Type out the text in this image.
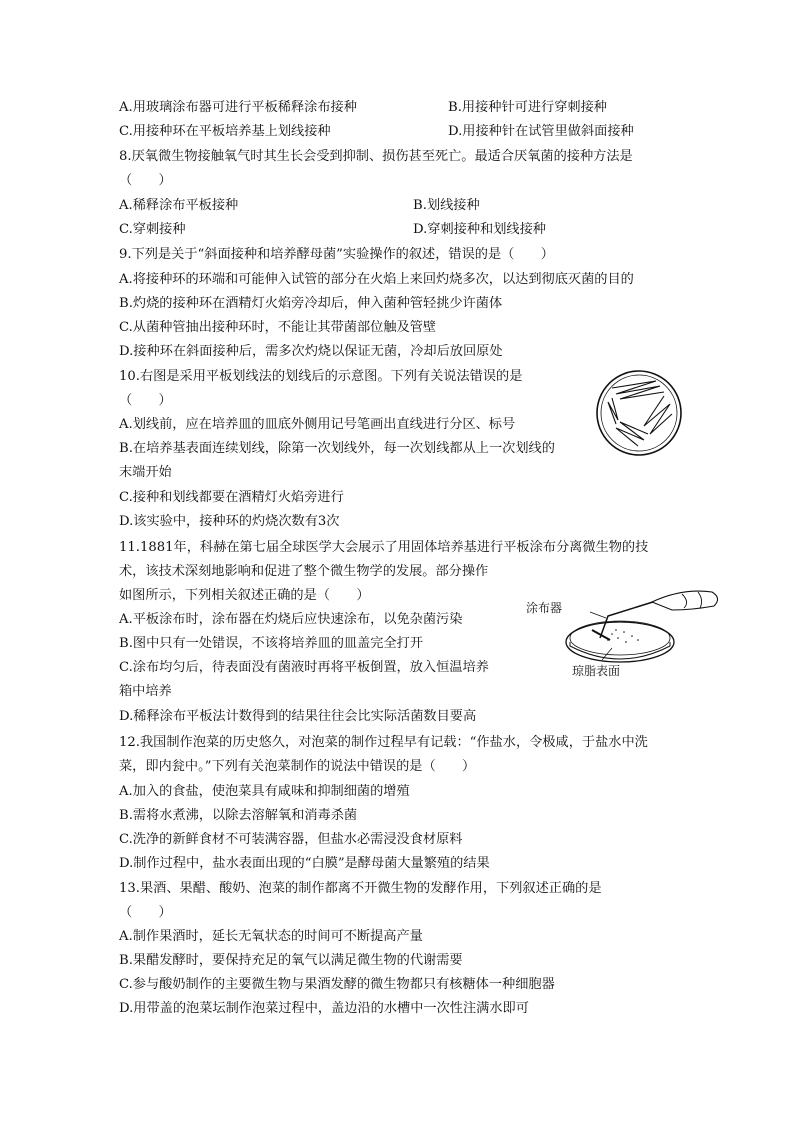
A.用玻璃涂布器可进行平板稀释涂布接种	B.用接种针可进行穿刺接种
C.用接种环在平板培养基上划线接种	D.用接种针在试管里做斜面接种
8.厌氧微生物接触氧气时其生长会受到抑制、损伤甚至死亡。最适合厌氧菌的接种方法是
（　　）
A.稀释涂布平板接种	B.划线接种
C.穿刺接种	D.穿刺接种和划线接种
9.下列是关于“斜面接种和培养酵母菌”实验操作的叙述，错误的是（　　）
A.将接种环的环端和可能伸入试管的部分在火焰上来回灼烧多次，以达到彻底灭菌的目的
B.灼烧的接种环在酒精灯火焰旁冷却后，伸入菌种管轻挑少许菌体
C.从菌种管抽出接种环时，不能让其带菌部位触及管壁
D.接种环在斜面接种后，需多次灼烧以保证无菌，冷却后放回原处
10.右图是采用平板划线法的划线后的示意图。下列有关说法错误的是
（　　）
A.划线前，应在培养皿的皿底外侧用记号笔画出直线进行分区、标号
B.在培养基表面连续划线，除第一次划线外，每一次划线都从上一次划线的
末端开始
C.接种和划线都要在酒精灯火焰旁进行
D.该实验中，接种环的灼烧次数有3次
11.1881年，科赫在第七届全球医学大会展示了用固体培养基进行平板涂布分离微生物的技
术，该技术深刻地影响和促进了整个微生物学的发展。部分操作
如图所示，下列相关叙述正确的是（　　）
A.平板涂布时，涂布器在灼烧后应快速涂布，以免杂菌污染
B.图中只有一处错误，不该将培养皿的皿盖完全打开
C.涂布均匀后，待表面没有菌液时再将平板倒置，放入恒温培养
箱中培养
D.稀释涂布平板法计数得到的结果往往会比实际活菌数目要高
涂布器
琼脂表面
12.我国制作泡菜的历史悠久，对泡菜的制作过程早有记载：“作盐水，令极咸，于盐水中洗
菜，即内瓮中。”下列有关泡菜制作的说法中错误的是（　　）
A.加入的食盐，使泡菜具有咸味和抑制细菌的增殖
B.需将水煮沸，以除去溶解氧和消毒杀菌
C.洗净的新鲜食材不可装满容器，但盐水必需浸没食材原料
D.制作过程中，盐水表面出现的“白膜”是酵母菌大量繁殖的结果
13.果酒、果醋、酸奶、泡菜的制作都离不开微生物的发酵作用，下列叙述正确的是
（　　）
A.制作果酒时，延长无氧状态的时间可不断提高产量
B.果醋发酵时，要保持充足的氧气以满足微生物的代谢需要
C.参与酸奶制作的主要微生物与果酒发酵的微生物都只有核糖体一种细胞器
D.用带盖的泡菜坛制作泡菜过程中，盖边沿的水槽中一次性注满水即可
